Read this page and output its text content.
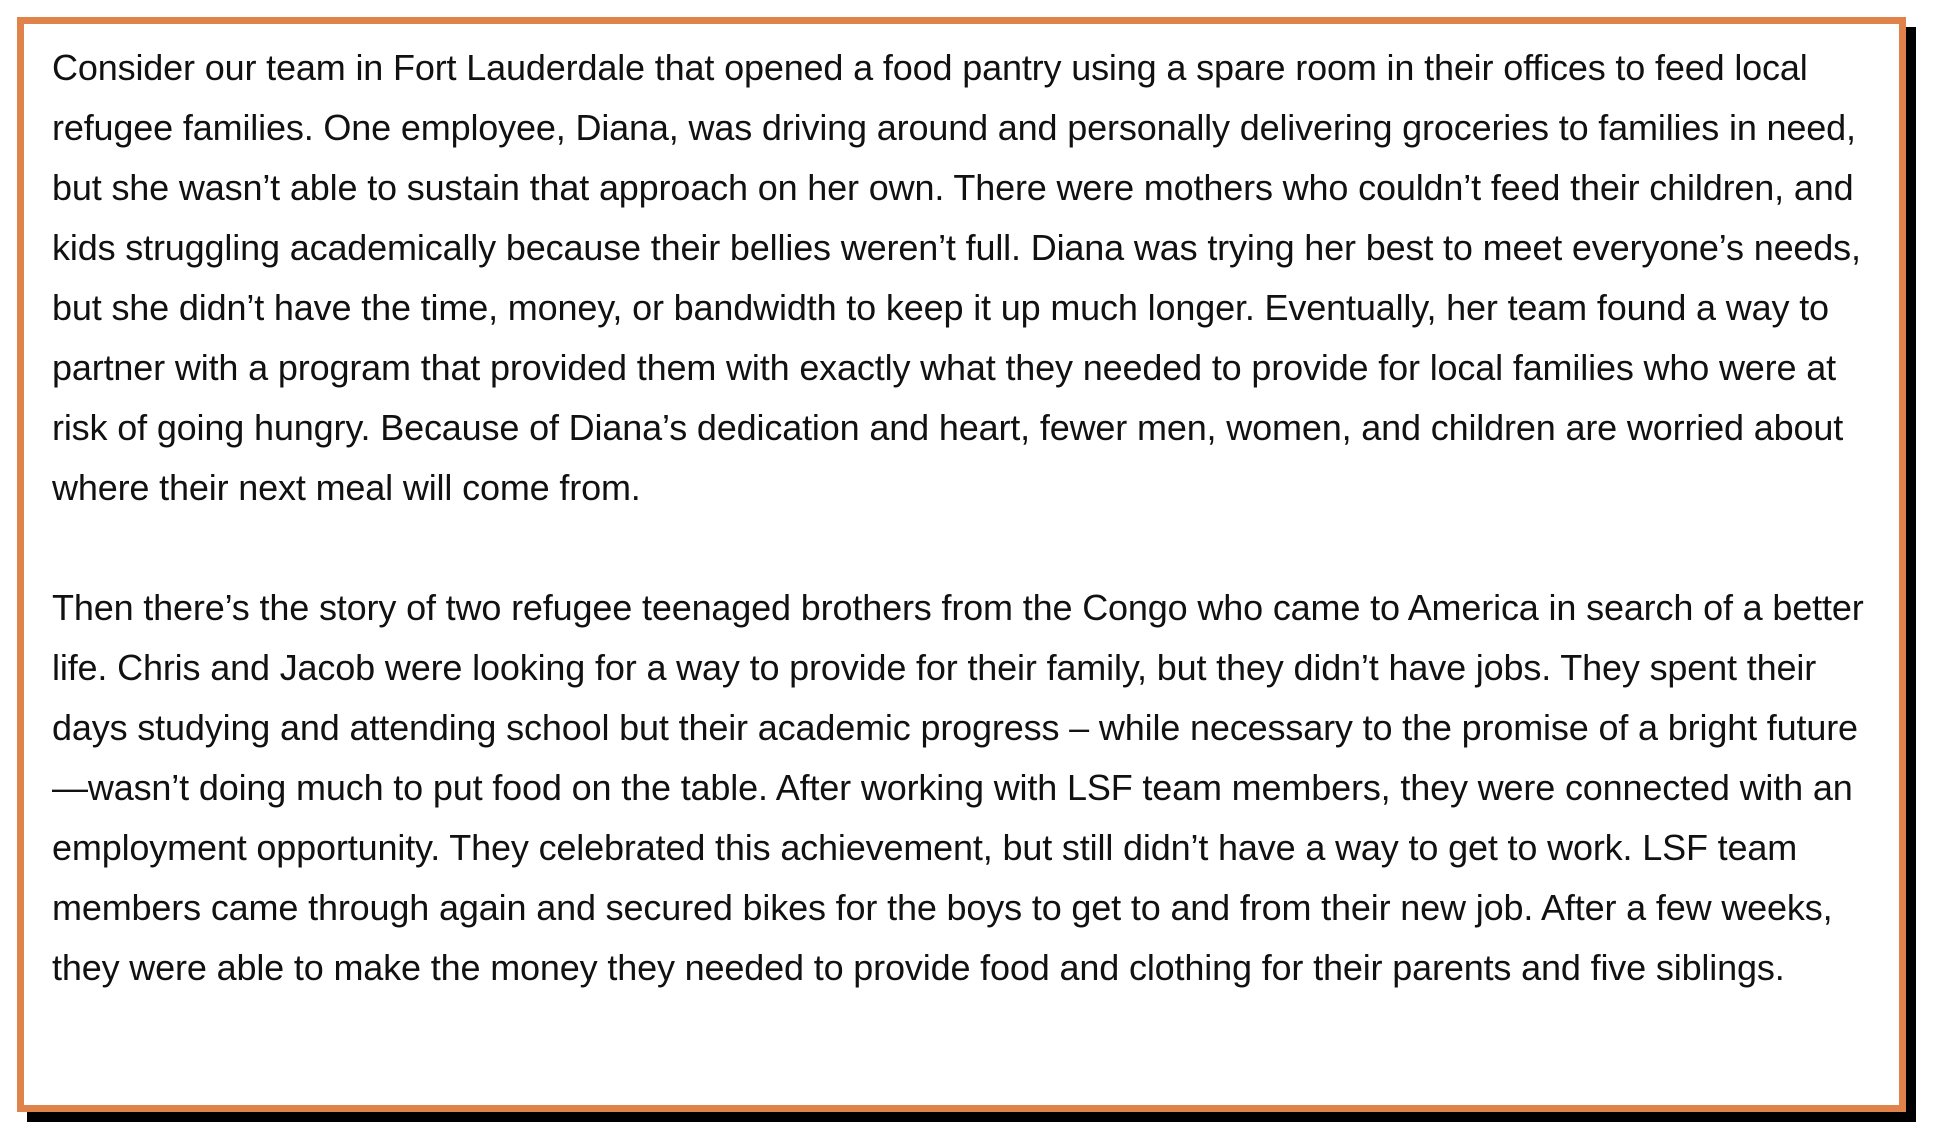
Consider our team in Fort Lauderdale that opened a food pantry using a spare room in their offices to feed local refugee families. One employee, Diana, was driving around and personally delivering groceries to families in need, but she wasn’t able to sustain that approach on her own. There were mothers who couldn’t feed their children, and kids struggling academically because their bellies weren’t full. Diana was trying her best to meet everyone’s needs, but she didn’t have the time, money, or bandwidth to keep it up much longer. Eventually, her team found a way to partner with a program that provided them with exactly what they needed to provide for local families who were at risk of going hungry. Because of Diana’s dedication and heart, fewer men, women, and children are worried about where their next meal will come from.

Then there’s the story of two refugee teenaged brothers from the Congo who came to America in search of a better life. Chris and Jacob were looking for a way to provide for their family, but they didn’t have jobs. They spent their days studying and attending school but their academic progress – while necessary to the promise of a bright future—wasn’t doing much to put food on the table. After working with LSF team members, they were connected with an employment opportunity. They celebrated this achievement, but still didn’t have a way to get to work. LSF team members came through again and secured bikes for the boys to get to and from their new job. After a few weeks, they were able to make the money they needed to provide food and clothing for their parents and five siblings.
